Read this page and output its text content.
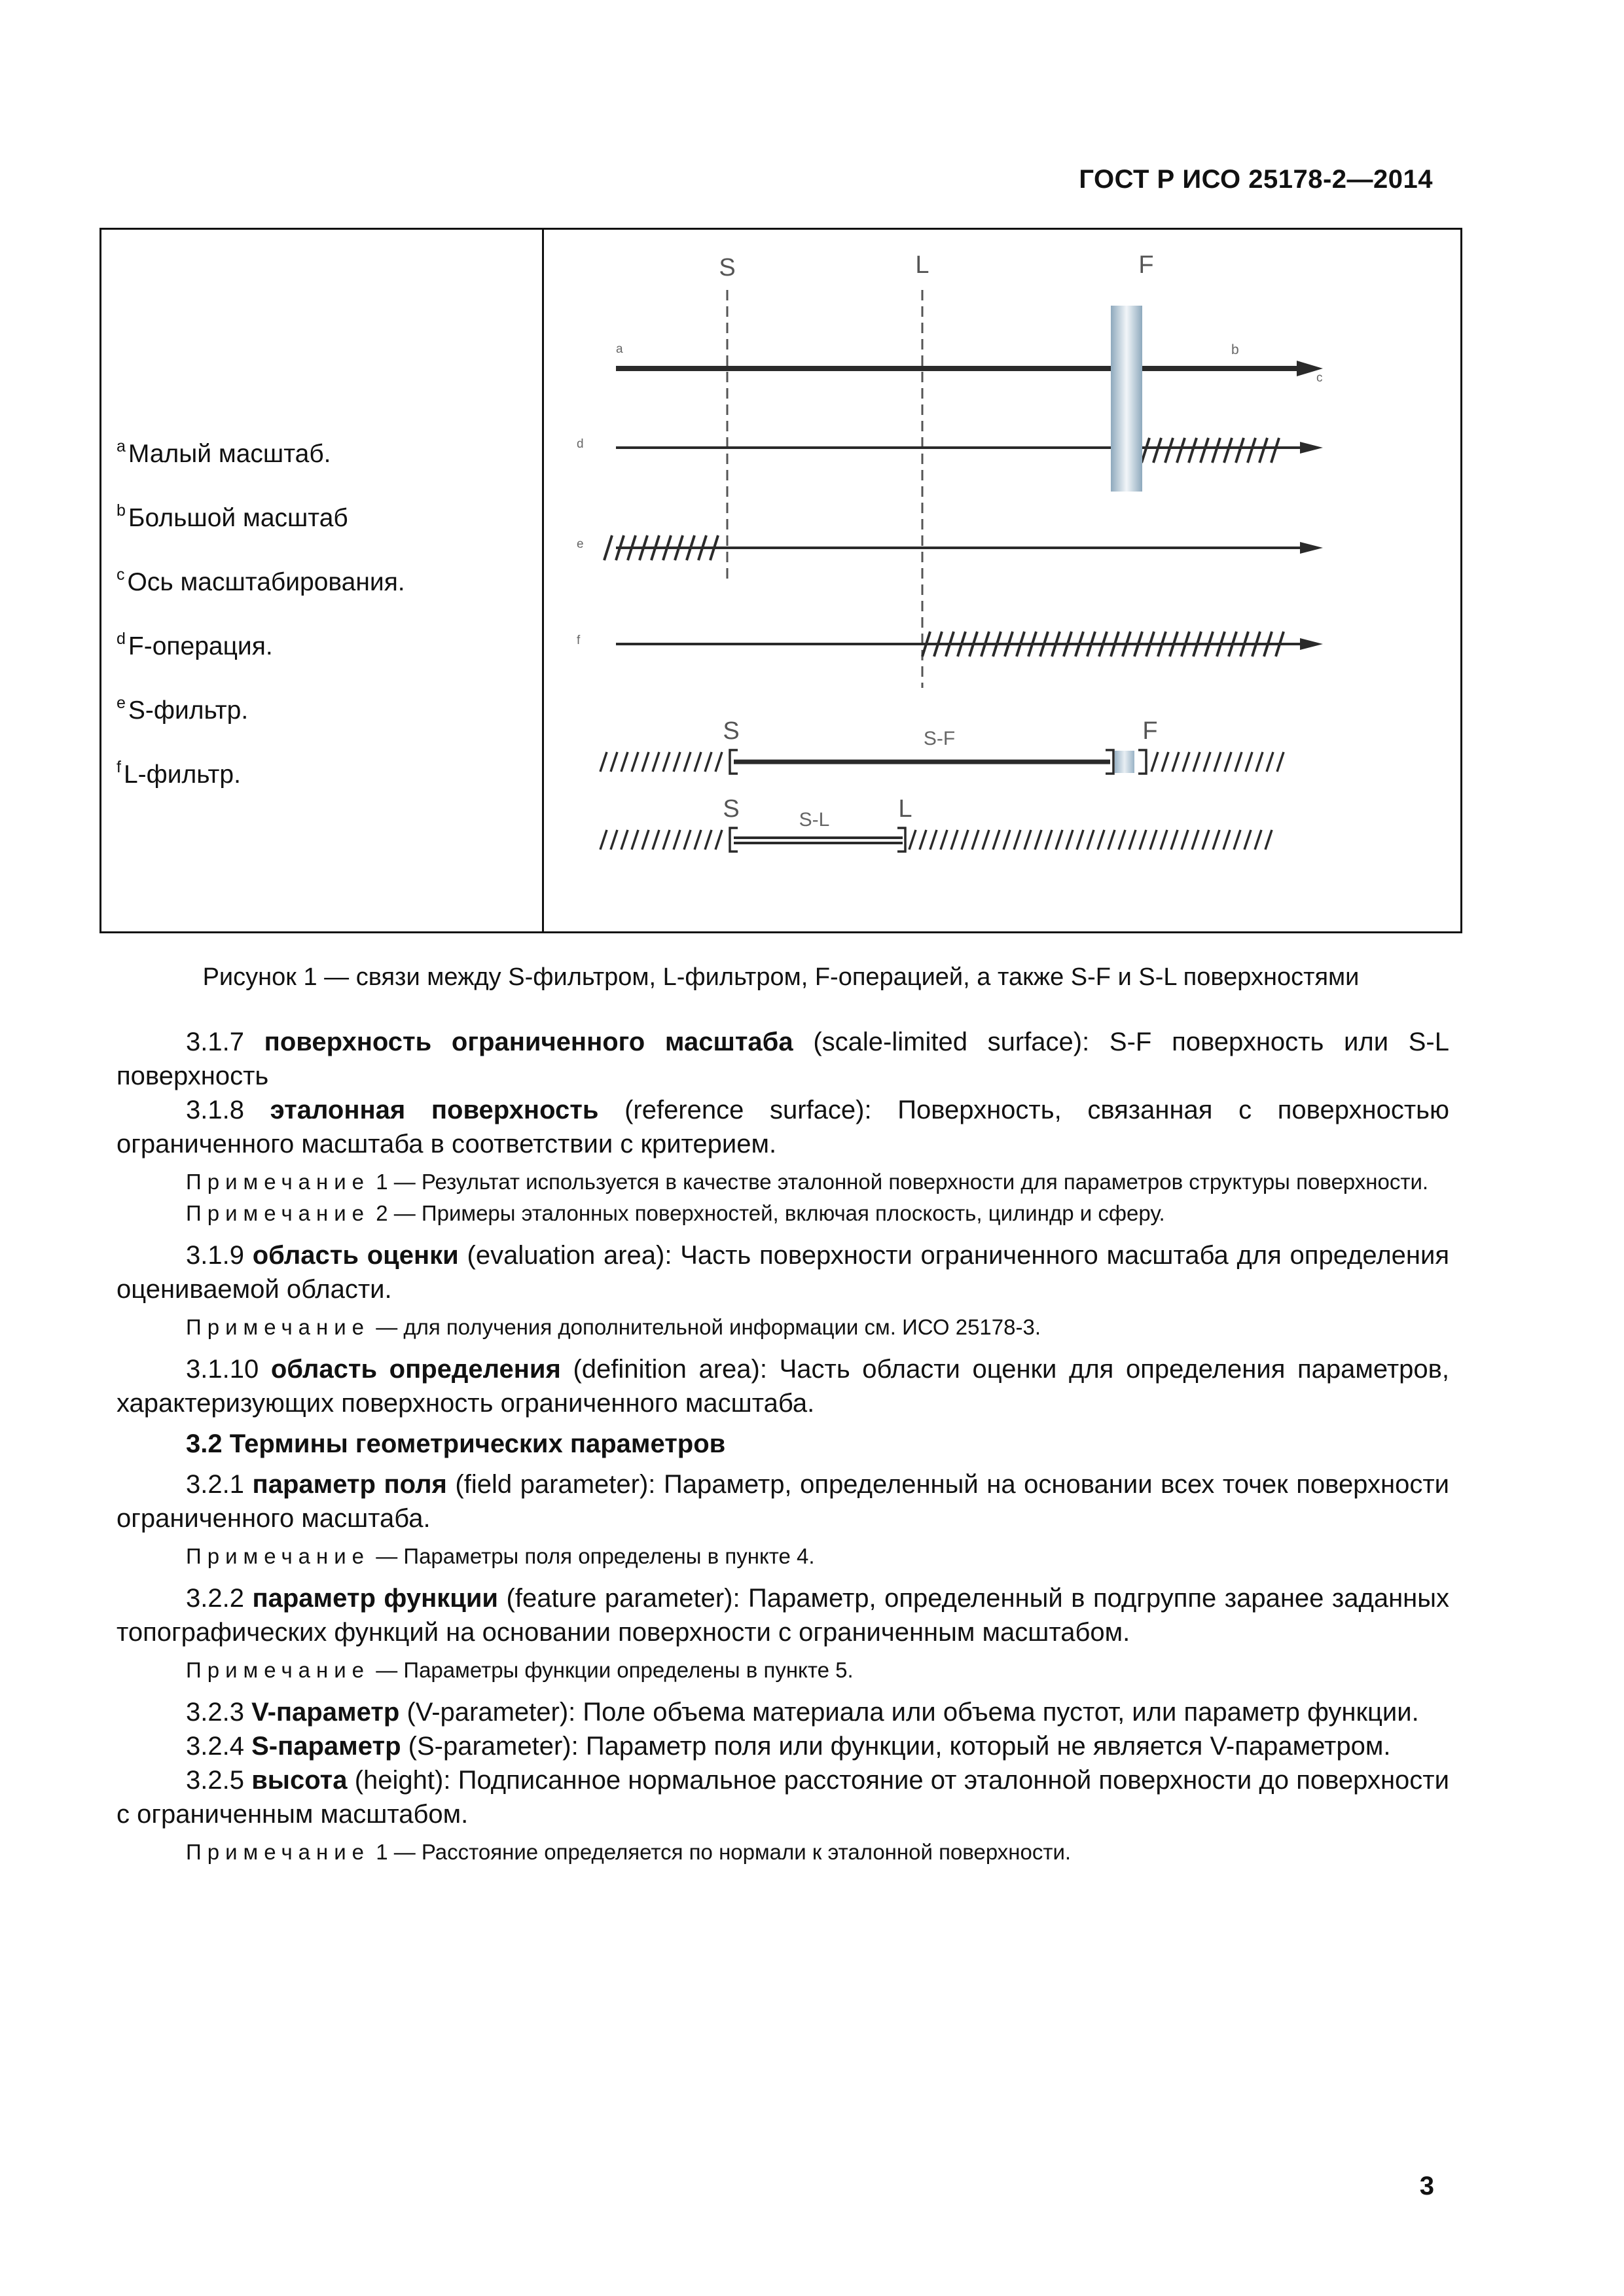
ГОСТ Р ИСО 25178-2—2014
$^a$ Малый масштаб.
$^b$ Большой масштаб
$^c$ Ось масштабирования.
$^d$ F-операция.
$^e$ S-фильтр.
$^f$ L-фильтр.
S	L	F
a	b
c
d
e
f
S	F
S-F
S	L
S-L
Рисунок 1 — связи между S-фильтром, L-фильтром, F-операцией, а также S-F и S-L поверхностями

3.1.7 поверхность ограниченного масштаба (scale-limited surface): S-F поверхность или S-L поверхность

3.1.8 эталонная поверхность (reference surface): Поверхность, связанная с поверхностью ограниченного масштаба в соответствии с критерием.

Примечание 1 — Результат используется в качестве эталонной поверхности для параметров структуры поверхности.

Примечание 2 — Примеры эталонных поверхностей, включая плоскость, цилиндр и сферу.

3.1.9 область оценки (evaluation area): Часть поверхности ограниченного масштаба для определения оцениваемой области.

Примечание — для получения дополнительной информации см. ИСО 25178-3.

3.1.10 область определения (definition area): Часть области оценки для определения параметров, характеризующих поверхность ограниченного масштаба.

3.2 Термины геометрических параметров

3.2.1 параметр поля (field parameter): Параметр, определенный на основании всех точек поверхности ограниченного масштаба.

Примечание — Параметры поля определены в пункте 4.

3.2.2 параметр функции (feature parameter): Параметр, определенный в подгруппе заранее заданных топографических функций на основании поверхности с ограниченным масштабом.

Примечание — Параметры функции определены в пункте 5.

3.2.3 V-параметр (V-parameter): Поле объема материала или объема пустот, или параметр функции.

3.2.4 S-параметр (S-parameter): Параметр поля или функции, который не является V-параметром.

3.2.5 высота (height): Подписанное нормальное расстояние от эталонной поверхности до поверхности с ограниченным масштабом.

Примечание 1 — Расстояние определяется по нормали к эталонной поверхности.

3
